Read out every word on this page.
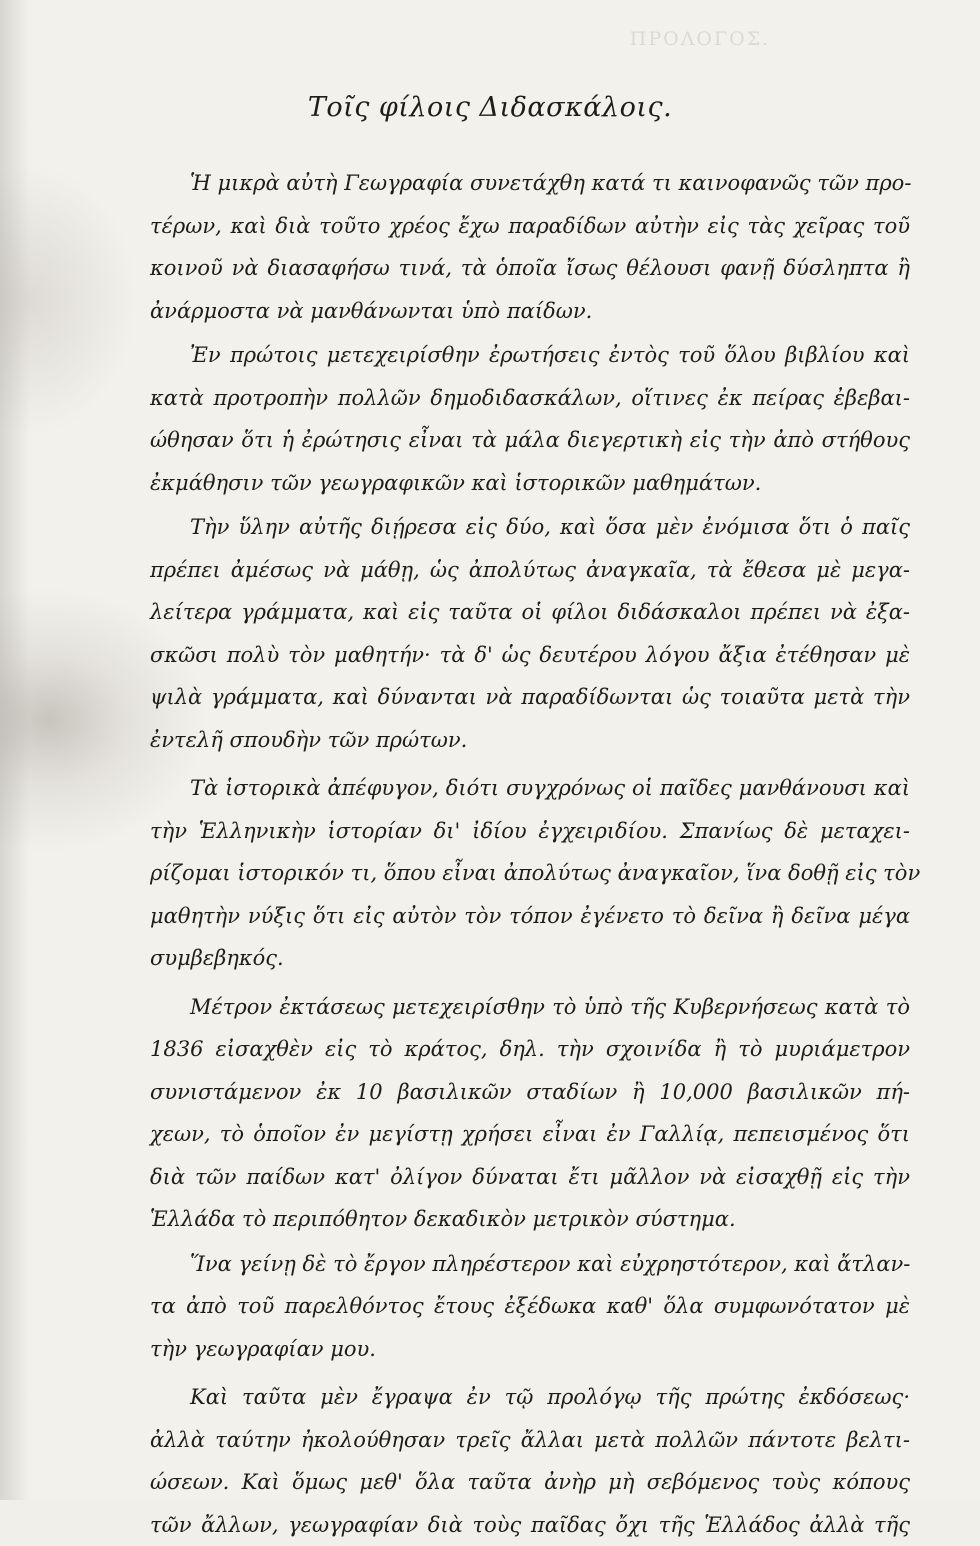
ΠΡΟΛΟΓΟΣ.
Τοῖς φίλοις Διδασκάλοις.

Ἡ μικρὰ αὐτὴ Γεωγραφία συνετάχθη κατά τι καινοφανῶς τῶν προ-
τέρων, καὶ διὰ τοῦτο χρέος ἔχω παραδίδων αὐτὴν εἰς τὰς χεῖρας τοῦ
κοινοῦ νὰ διασαφήσω τινά, τὰ ὁποῖα ἴσως θέλουσι φανῇ δύσληπτα ἢ
ἀνάρμοστα νὰ μανθάνωνται ὑπὸ παίδων.

Ἐν πρώτοις μετεχειρίσθην ἐρωτήσεις ἐντὸς τοῦ ὅλου βιβλίου καὶ
κατὰ προτροπὴν πολλῶν δημοδιδασκάλων, οἵτινες ἐκ πείρας ἐβεβαι-
ώθησαν ὅτι ἡ ἐρώτησις εἶναι τὰ μάλα διεγερτικὴ εἰς τὴν ἀπὸ στήθους
ἐκμάθησιν τῶν γεωγραφικῶν καὶ ἱστορικῶν μαθημάτων.

Τὴν ὕλην αὐτῆς διῄρεσα εἰς δύο, καὶ ὅσα μὲν ἐνόμισα ὅτι ὁ παῖς
πρέπει ἀμέσως νὰ μάθῃ, ὡς ἀπολύτως ἀναγκαῖα, τὰ ἔθεσα μὲ μεγα-
λείτερα γράμματα, καὶ εἰς ταῦτα οἱ φίλοι διδάσκαλοι πρέπει νὰ ἐξα-
σκῶσι πολὺ τὸν μαθητήν· τὰ δ' ὡς δευτέρου λόγου ἄξια ἐτέθησαν μὲ
ψιλὰ γράμματα, καὶ δύνανται νὰ παραδίδωνται ὡς τοιαῦτα μετὰ τὴν
ἐντελῆ σπουδὴν τῶν πρώτων.

Τὰ ἱστορικὰ ἀπέφυγον, διότι συγχρόνως οἱ παῖδες μανθάνουσι καὶ
τὴν Ἑλληνικὴν ἱστορίαν δι' ἰδίου ἐγχειριδίου. Σπανίως δὲ μεταχει-
ρίζομαι ἱστορικόν τι, ὅπου εἶναι ἀπολύτως ἀναγκαῖον, ἵνα δοθῇ εἰς τὸν
μαθητὴν νύξις ὅτι εἰς αὐτὸν τὸν τόπον ἐγένετο τὸ δεῖνα ἢ δεῖνα μέγα
συμβεβηκός.

Μέτρον ἐκτάσεως μετεχειρίσθην τὸ ὑπὸ τῆς Κυβερνήσεως κατὰ τὸ
1836 εἰσαχθὲν εἰς τὸ κράτος, δηλ. τὴν σχοινίδα ἢ τὸ μυριάμετρον
συνιστάμενον ἐκ 10 βασιλικῶν σταδίων ἢ 10,000 βασιλικῶν πή-
χεων, τὸ ὁποῖον ἐν μεγίστῃ χρήσει εἶναι ἐν Γαλλίᾳ, πεπεισμένος ὅτι
διὰ τῶν παίδων κατ' ὀλίγον δύναται ἔτι μᾶλλον νὰ εἰσαχθῇ εἰς τὴν
Ἑλλάδα τὸ περιπόθητον δεκαδικὸν μετρικὸν σύστημα.

Ἵνα γείνῃ δὲ τὸ ἔργον πληρέστερον καὶ εὐχρηστότερον, καὶ ἄτλαν-
τα ἀπὸ τοῦ παρελθόντος ἔτους ἐξέδωκα καθ' ὅλα συμφωνότατον μὲ
τὴν γεωγραφίαν μου.

Καὶ ταῦτα μὲν ἔγραψα ἐν τῷ προλόγῳ τῆς πρώτης ἐκδόσεως·
ἀλλὰ ταύτην ἠκολούθησαν τρεῖς ἄλλαι μετὰ πολλῶν πάντοτε βελτι-
ώσεων. Καὶ ὅμως μεθ' ὅλα ταῦτα ἀνὴρ μὴ σεβόμενος τοὺς κόπους
τῶν ἄλλων, γεωγραφίαν διὰ τοὺς παῖδας ὄχι τῆς Ἑλλάδος ἀλλὰ τῆς
